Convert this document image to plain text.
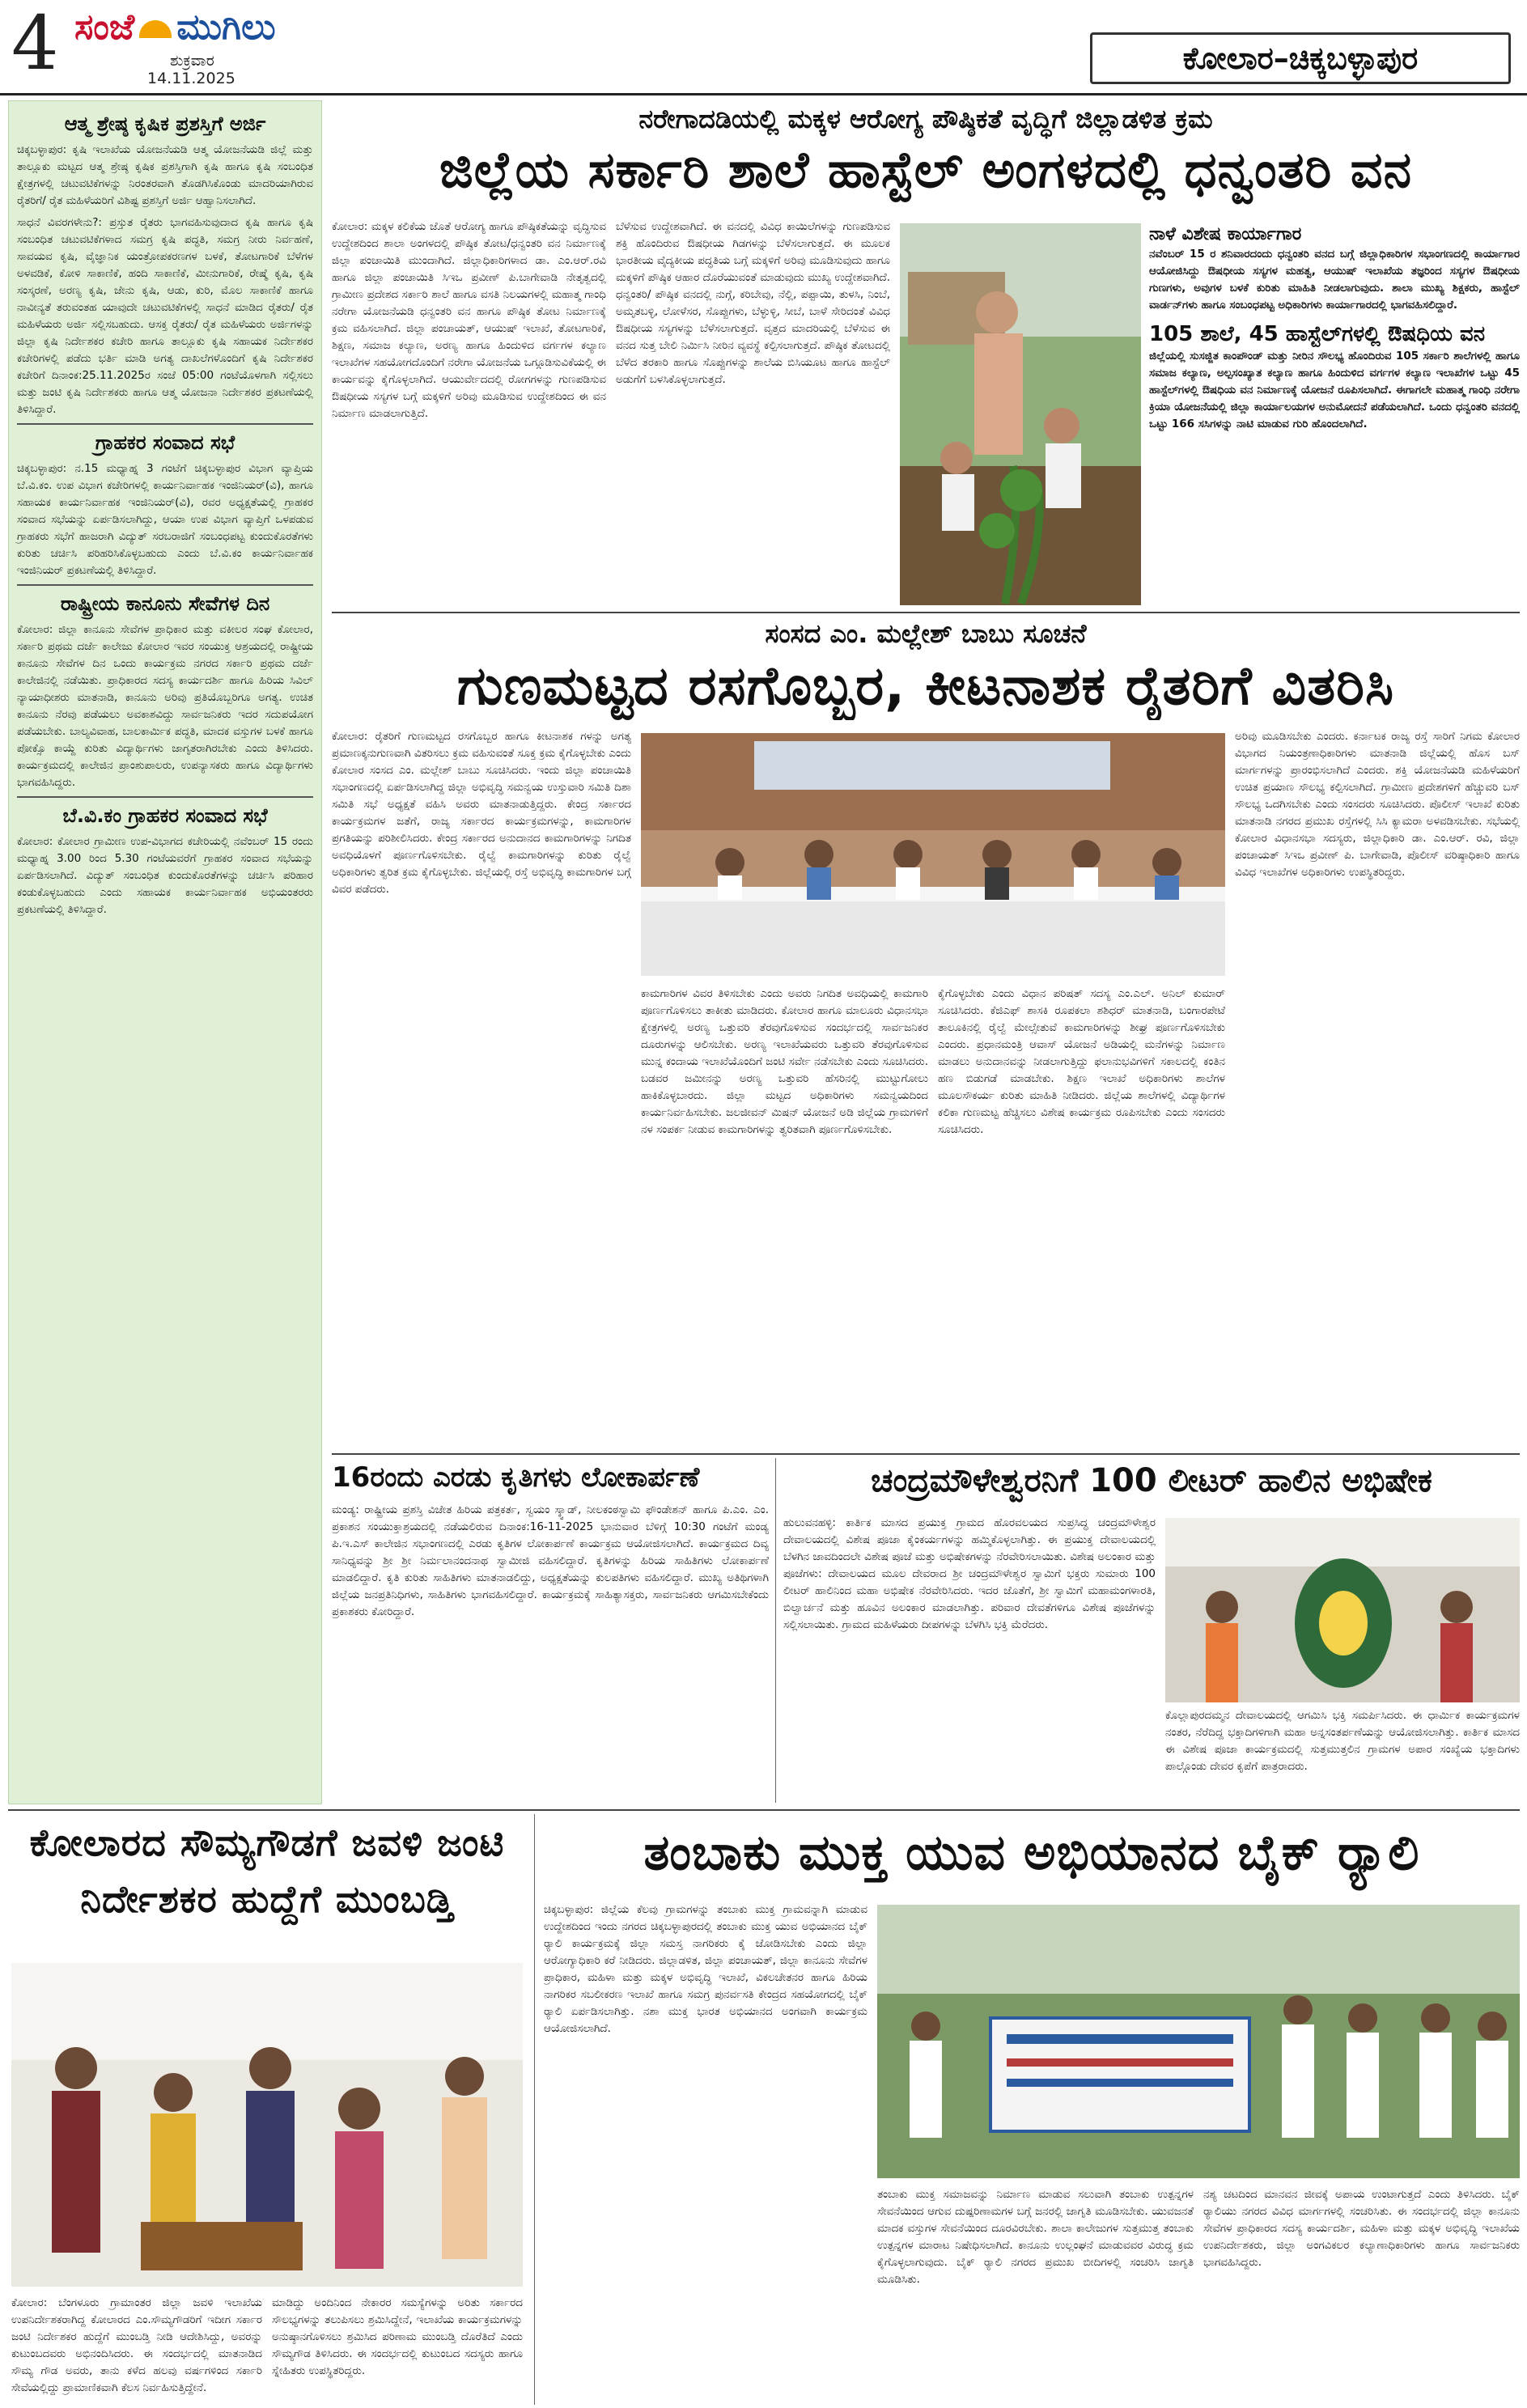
4 ಸಂಜೆ ಮುಗಿಲು
ಶುಕ್ರವಾರ
14.11.2025
ಕೋಲಾರ–ಚಿಕ್ಕಬಳ್ಳಾಪುರ
ಆತ್ಮ ಶ್ರೇಷ್ಠ ಕೃಷಿಕ ಪ್ರಶಸ್ತಿಗೆ ಅರ್ಜಿ
ಚಿಕ್ಕಬಳ್ಳಾಪುರ: ಕೃಷಿ ಇಲಾಖೆಯ ಯೋಜನೆಯಡಿ ಆತ್ಮ ಯೋಜನೆಯಡಿ ಜಿಲ್ಲೆ ಮತ್ತು ತಾಲ್ಲೂಕು ಮಟ್ಟದ ಆತ್ಮ ಶ್ರೇಷ್ಠ ಕೃಷಿಕ ಪ್ರಶಸ್ತಿಗಾಗಿ ಕೃಷಿ ಹಾಗೂ ಕೃಷಿ ಸಂಬಂಧಿತ ಕ್ಷೇತ್ರಗಳಲ್ಲಿ ಚಟುವಟಿಕೆಗಳನ್ನು ನಿರಂತರವಾಗಿ ತೊಡಗಿಸಿಕೊಂಡು ಮಾದರಿಯಾಗಿರುವ ರೈತರಿಗೆ/ ರೈತ ಮಹಿಳೆಯರಿಗೆ ವಿಶಿಷ್ಟ ಪ್ರಶಸ್ತಿಗೆ ಅರ್ಜಿ ಆಹ್ವಾನಿಸಲಾಗಿದೆ.
ಸಾಧನೆ ವಿವರಗಳೇನು?: ಪ್ರಸ್ತುತ ರೈತರು ಭಾಗವಹಿಸುವುದಾದ ಕೃಷಿ ಹಾಗೂ ಕೃಷಿ ಸಂಬಂಧಿತ ಚಟುವಟಿಕೆಗಳಾದ ಸಮಗ್ರ ಕೃಷಿ ಪದ್ಧತಿ, ಸಮಗ್ರ ನೀರು ನಿರ್ವಹಣೆ, ಸಾವಯವ ಕೃಷಿ, ವೈಜ್ಞಾನಿಕ ಯಂತ್ರೋಪಕರಣಗಳ ಬಳಕೆ, ತೋಟಗಾರಿಕೆ ಬೆಳೆಗಳ ಅಳವಡಿಕೆ, ಕೋಳಿ ಸಾಕಾಣಿಕೆ, ಹಂದಿ ಸಾಕಾಣಿಕೆ, ಮೀನುಗಾರಿಕೆ, ರೇಷ್ಮೆ ಕೃಷಿ, ಕೃಷಿ ಸಂಸ್ಕರಣೆ, ಅರಣ್ಯ ಕೃಷಿ, ಜೇನು ಕೃಷಿ, ಆಡು, ಕುರಿ, ಮೊಲ ಸಾಕಾಣಿಕೆ ಹಾಗೂ ನಾವೀನ್ಯತೆ ತರುವಂತಹ ಯಾವುದೇ ಚಟುವಟಿಕೆಗಳಲ್ಲಿ ಸಾಧನೆ ಮಾಡಿದ ರೈತರು/ ರೈತ ಮಹಿಳೆಯರು ಅರ್ಜಿ ಸಲ್ಲಿಸಬಹುದು. ಆಸಕ್ತ ರೈತರು/ ರೈತ ಮಹಿಳೆಯರು ಅರ್ಜಿಗಳನ್ನು ಜಿಲ್ಲಾ ಕೃಷಿ ನಿರ್ದೇಶಕರ ಕಚೇರಿ ಹಾಗೂ ತಾಲ್ಲೂಕು ಕೃಷಿ ಸಹಾಯಕ ನಿರ್ದೇಶಕರ ಕಚೇರಿಗಳಲ್ಲಿ ಪಡೆದು ಭರ್ತಿ ಮಾಡಿ ಅಗತ್ಯ ದಾಖಲೆಗಳೊಂದಿಗೆ ಕೃಷಿ ನಿರ್ದೇಶಕರ ಕಚೇರಿಗೆ ದಿನಾಂಕ:25.11.2025ರ ಸಂಜೆ 05:00 ಗಂಟೆಯೊಳಗಾಗಿ ಸಲ್ಲಿಸಲು ಮತ್ತು ಜಂಟಿ ಕೃಷಿ ನಿರ್ದೇಶಕರು ಹಾಗೂ ಆತ್ಮ ಯೋಜನಾ ನಿರ್ದೇಶಕರ ಪ್ರಕಟಣೆಯಲ್ಲಿ ತಿಳಿಸಿದ್ದಾರೆ.
ಗ್ರಾಹಕರ ಸಂವಾದ ಸಭೆ
ಚಿಕ್ಕಬಳ್ಳಾಪುರ: ನ.15 ಮಧ್ಯಾಹ್ನ 3 ಗಂಟೆಗೆ ಚಿಕ್ಕಬಳ್ಳಾಪುರ ವಿಭಾಗ ವ್ಯಾಪ್ತಿಯ ಬೆ.ವಿ.ಕಂ. ಉಪ ವಿಭಾಗ ಕಚೇರಿಗಳಲ್ಲಿ ಕಾರ್ಯನಿರ್ವಾಹಕ ಇಂಜಿನಿಯರ್(ವಿ), ಹಾಗೂ ಸಹಾಯಕ ಕಾರ್ಯನಿರ್ವಾಹಕ ಇಂಜಿನಿಯರ್(ವಿ), ರವರ ಅಧ್ಯಕ್ಷತೆಯಲ್ಲಿ ಗ್ರಾಹಕರ ಸಂವಾದ ಸಭೆಯನ್ನು ಏರ್ಪಡಿಸಲಾಗಿದ್ದು, ಆಯಾ ಉಪ ವಿಭಾಗ ವ್ಯಾಪ್ತಿಗೆ ಒಳಪಡುವ ಗ್ರಾಹಕರು ಸಭೆಗೆ ಹಾಜರಾಗಿ ವಿದ್ಯುತ್ ಸರಬರಾಜಿಗೆ ಸಂಬಂಧಪಟ್ಟ ಕುಂದುಕೊರತೆಗಳು ಕುರಿತು ಚರ್ಚಿಸಿ ಪರಿಹರಿಸಿಕೊಳ್ಳಬಹುದು ಎಂದು ಬೆ.ವಿ.ಕಂ ಕಾರ್ಯನಿರ್ವಾಹಕ ಇಂಜಿನಿಯರ್ ಪ್ರಕಟಣೆಯಲ್ಲಿ ತಿಳಿಸಿದ್ದಾರೆ.
ರಾಷ್ಟ್ರೀಯ ಕಾನೂನು ಸೇವೆಗಳ ದಿನ
ಕೋಲಾರ: ಜಿಲ್ಲಾ ಕಾನೂನು ಸೇವೆಗಳ ಪ್ರಾಧಿಕಾರ ಮತ್ತು ವಕೀಲರ ಸಂಘ ಕೋಲಾರ, ಸರ್ಕಾರಿ ಪ್ರಥಮ ದರ್ಜೆ ಕಾಲೇಜು ಕೋಲಾರ ಇವರ ಸಂಯುಕ್ತ ಆಶ್ರಯದಲ್ಲಿ ರಾಷ್ಟ್ರೀಯ ಕಾನೂನು ಸೇವೆಗಳ ದಿನ ಒಂದು ಕಾರ್ಯಕ್ರಮ ನಗರದ ಸರ್ಕಾರಿ ಪ್ರಥಮ ದರ್ಜೆ ಕಾಲೇಜಿನಲ್ಲಿ ನಡೆಯಿತು. ಪ್ರಾಧಿಕಾರದ ಸದಸ್ಯ ಕಾರ್ಯದರ್ಶಿ ಹಾಗೂ ಹಿರಿಯ ಸಿವಿಲ್ ನ್ಯಾಯಾಧೀಶರು ಮಾತನಾಡಿ, ಕಾನೂನು ಅರಿವು ಪ್ರತಿಯೊಬ್ಬರಿಗೂ ಅಗತ್ಯ. ಉಚಿತ ಕಾನೂನು ನೆರವು ಪಡೆಯಲು ಅವಕಾಶವಿದ್ದು ಸಾರ್ವಜನಿಕರು ಇದರ ಸದುಪಯೋಗ ಪಡೆಯಬೇಕು. ಬಾಲ್ಯವಿವಾಹ, ಬಾಲಕಾರ್ಮಿಕ ಪದ್ಧತಿ, ಮಾದಕ ವಸ್ತುಗಳ ಬಳಕೆ ಹಾಗೂ ಪೋಕ್ಸೊ ಕಾಯ್ದೆ ಕುರಿತು ವಿದ್ಯಾರ್ಥಿಗಳು ಜಾಗೃತರಾಗಿರಬೇಕು ಎಂದು ತಿಳಿಸಿದರು. ಕಾರ್ಯಕ್ರಮದಲ್ಲಿ ಕಾಲೇಜಿನ ಪ್ರಾಂಶುಪಾಲರು, ಉಪನ್ಯಾಸಕರು ಹಾಗೂ ವಿದ್ಯಾರ್ಥಿಗಳು ಭಾಗವಹಿಸಿದ್ದರು.
ಬೆ.ವಿ.ಕಂ ಗ್ರಾಹಕರ ಸಂವಾದ ಸಭೆ
ಕೋಲಾರ: ಕೋಲಾರ ಗ್ರಾಮೀಣ ಉಪ-ವಿಭಾಗದ ಕಚೇರಿಯಲ್ಲಿ ನವೆಂಬರ್ 15 ರಂದು ಮಧ್ಯಾಹ್ನ 3.00 ರಿಂದ 5.30 ಗಂಟೆಯವರೆಗೆ ಗ್ರಾಹಕರ ಸಂವಾದ ಸಭೆಯನ್ನು ಏರ್ಪಡಿಸಲಾಗಿದೆ. ವಿದ್ಯುತ್ ಸಂಬಂಧಿತ ಕುಂದುಕೊರತೆಗಳನ್ನು ಚರ್ಚಿಸಿ ಪರಿಹಾರ ಕಂಡುಕೊಳ್ಳಬಹುದು ಎಂದು ಸಹಾಯಕ ಕಾರ್ಯನಿರ್ವಾಹಕ ಅಭಿಯಂತರರು ಪ್ರಕಟಣೆಯಲ್ಲಿ ತಿಳಿಸಿದ್ದಾರೆ.
ನರೇಗಾದಡಿಯಲ್ಲಿ ಮಕ್ಕಳ ಆರೋಗ್ಯ ಪೌಷ್ಠಿಕತೆ ವೃದ್ಧಿಗೆ ಜಿಲ್ಲಾಡಳಿತ ಕ್ರಮ
ಜಿಲ್ಲೆಯ ಸರ್ಕಾರಿ ಶಾಲೆ ಹಾಸ್ಟೆಲ್ ಅಂಗಳದಲ್ಲಿ ಧನ್ವಂತರಿ ವನ
ಕೋಲಾರ: ಮಕ್ಕಳ ಕಲಿಕೆಯ ಜೊತೆ ಆರೋಗ್ಯ ಹಾಗೂ ಪೌಷ್ಠಿಕತೆಯನ್ನು ವೃದ್ಧಿಸುವ ಉದ್ದೇಶದಿಂದ ಶಾಲಾ ಅಂಗಳದಲ್ಲಿ ಪೌಷ್ಠಿಕ ತೋಟ/ಧನ್ವಂತರಿ ವನ ನಿರ್ಮಾಣಕ್ಕೆ ಜಿಲ್ಲಾ ಪಂಚಾಯಿತಿ ಮುಂದಾಗಿದೆ. ಜಿಲ್ಲಾಧಿಕಾರಿಗಳಾದ ಡಾ. ಎಂ.ಆರ್.ರವಿ ಹಾಗೂ ಜಿಲ್ಲಾ ಪಂಚಾಯಿತಿ ಸಿಇಒ ಪ್ರವೀಣ್ ಪಿ.ಬಾಗೇವಾಡಿ ನೇತೃತ್ವದಲ್ಲಿ ಗ್ರಾಮೀಣ ಪ್ರದೇಶದ ಸರ್ಕಾರಿ ಶಾಲೆ ಹಾಗೂ ವಸತಿ ನಿಲಯಗಳಲ್ಲಿ ಮಹಾತ್ಮ ಗಾಂಧಿ ನರೇಗಾ ಯೋಜನೆಯಡಿ ಧನ್ವಂತರಿ ವನ ಹಾಗೂ ಪೌಷ್ಠಿಕ ತೋಟ ನಿರ್ಮಾಣಕ್ಕೆ ಕ್ರಮ ವಹಿಸಲಾಗಿದೆ. ಜಿಲ್ಲಾ ಪಂಚಾಯತ್, ಆಯುಷ್ ಇಲಾಖೆ, ತೋಟಗಾರಿಕೆ, ಶಿಕ್ಷಣ, ಸಮಾಜ ಕಲ್ಯಾಣ, ಅರಣ್ಯ ಹಾಗೂ ಹಿಂದುಳಿದ ವರ್ಗಗಳ ಕಲ್ಯಾಣ ಇಲಾಖೆಗಳ ಸಹಯೋಗದೊಂದಿಗೆ ನರೇಗಾ ಯೋಜನೆಯ ಒಗ್ಗೂಡಿಸುವಿಕೆಯಲ್ಲಿ ಈ ಕಾರ್ಯವನ್ನು ಕೈಗೊಳ್ಳಲಾಗಿದೆ. ಆಯುರ್ವೇದದಲ್ಲಿ ರೋಗಗಳನ್ನು ಗುಣಪಡಿಸುವ ಔಷಧೀಯ ಸಸ್ಯಗಳ ಬಗ್ಗೆ ಮಕ್ಕಳಿಗೆ ಅರಿವು ಮೂಡಿಸುವ ಉದ್ದೇಶದಿಂದ ಈ ವನ ನಿರ್ಮಾಣ ಮಾಡಲಾಗುತ್ತಿದೆ.
ಬೆಳೆಸುವ ಉದ್ದೇಶವಾಗಿದೆ. ಈ ವನದಲ್ಲಿ ವಿವಿಧ ಕಾಯಿಲೆಗಳನ್ನು ಗುಣಪಡಿಸುವ ಶಕ್ತಿ ಹೊಂದಿರುವ ಔಷಧೀಯ ಗಿಡಗಳನ್ನು ಬೆಳೆಸಲಾಗುತ್ತದೆ. ಈ ಮೂಲಕ ಭಾರತೀಯ ವೈದ್ಯಕೀಯ ಪದ್ಧತಿಯ ಬಗ್ಗೆ ಮಕ್ಕಳಿಗೆ ಅರಿವು ಮೂಡಿಸುವುದು ಹಾಗೂ ಮಕ್ಕಳಿಗೆ ಪೌಷ್ಠಿಕ ಆಹಾರ ದೊರೆಯುವಂತೆ ಮಾಡುವುದು ಮುಖ್ಯ ಉದ್ದೇಶವಾಗಿದೆ. ಧನ್ವಂತರಿ/ ಪೌಷ್ಠಿಕ ವನದಲ್ಲಿ ನುಗ್ಗೆ, ಕರಿಬೇವು, ನೆಲ್ಲಿ, ಪಪ್ಪಾಯಿ, ತುಳಸಿ, ನಿಂಬೆ, ಅಮೃತಬಳ್ಳಿ, ಲೋಳೆಸರ, ಸೊಪ್ಪುಗಳು, ಬೆಳ್ಳುಳ್ಳಿ, ಸೀಬೆ, ಬಾಳೆ ಸೇರಿದಂತೆ ವಿವಿಧ ಔಷಧೀಯ ಸಸ್ಯಗಳನ್ನು ಬೆಳೆಸಲಾಗುತ್ತದೆ. ವೃತ್ತದ ಮಾದರಿಯಲ್ಲಿ ಬೆಳೆಸುವ ಈ ವನದ ಸುತ್ತ ಬೇಲಿ ನಿರ್ಮಿಸಿ ನೀರಿನ ವ್ಯವಸ್ಥೆ ಕಲ್ಪಿಸಲಾಗುತ್ತದೆ. ಪೌಷ್ಠಿಕ ತೋಟದಲ್ಲಿ ಬೆಳೆದ ತರಕಾರಿ ಹಾಗೂ ಸೊಪ್ಪುಗಳನ್ನು ಶಾಲೆಯ ಬಿಸಿಯೂಟ ಹಾಗೂ ಹಾಸ್ಟೆಲ್ ಅಡುಗೆಗೆ ಬಳಸಿಕೊಳ್ಳಲಾಗುತ್ತದೆ.
ನಾಳೆ ವಿಶೇಷ ಕಾರ್ಯಾಗಾರ
ನವೆಂಬರ್ 15 ರ ಶನಿವಾರದಂದು ಧನ್ವಂತರಿ ವನದ ಬಗ್ಗೆ ಜಿಲ್ಲಾಧಿಕಾರಿಗಳ ಸಭಾಂಗಣದಲ್ಲಿ ಕಾರ್ಯಾಗಾರ ಆಯೋಜಿಸಿದ್ದು ಔಷಧೀಯ ಸಸ್ಯಗಳ ಮಹತ್ವ, ಆಯುಷ್ ಇಲಾಖೆಯ ತಜ್ಞರಿಂದ ಸಸ್ಯಗಳ ಔಷಧೀಯ ಗುಣಗಳು, ಅವುಗಳ ಬಳಕೆ ಕುರಿತು ಮಾಹಿತಿ ನೀಡಲಾಗುವುದು. ಶಾಲಾ ಮುಖ್ಯ ಶಿಕ್ಷಕರು, ಹಾಸ್ಟೆಲ್ ವಾರ್ಡನ್‌ಗಳು ಹಾಗೂ ಸಂಬಂಧಪಟ್ಟ ಅಧಿಕಾರಿಗಳು ಕಾರ್ಯಾಗಾರದಲ್ಲಿ ಭಾಗವಹಿಸಲಿದ್ದಾರೆ.
105 ಶಾಲೆ, 45 ಹಾಸ್ಟೆಲ್‌ಗಳಲ್ಲಿ ಔಷಧಿಯ ವನ
ಜಿಲ್ಲೆಯಲ್ಲಿ ಸುಸಜ್ಜಿತ ಕಾಂಪೌಂಡ್ ಮತ್ತು ನೀರಿನ ಸೌಲಭ್ಯ ಹೊಂದಿರುವ 105 ಸರ್ಕಾರಿ ಶಾಲೆಗಳಲ್ಲಿ ಹಾಗೂ ಸಮಾಜ ಕಲ್ಯಾಣ, ಅಲ್ಪಸಂಖ್ಯಾತ ಕಲ್ಯಾಣ ಹಾಗೂ ಹಿಂದುಳಿದ ವರ್ಗಗಳ ಕಲ್ಯಾಣ ಇಲಾಖೆಗಳ ಒಟ್ಟು 45 ಹಾಸ್ಟೆಲ್‌ಗಳಲ್ಲಿ ಔಷಧಿಯ ವನ ನಿರ್ಮಾಣಕ್ಕೆ ಯೋಜನೆ ರೂಪಿಸಲಾಗಿದೆ. ಈಗಾಗಲೇ ಮಹಾತ್ಮ ಗಾಂಧಿ ನರೇಗಾ ಕ್ರಿಯಾ ಯೋಜನೆಯಲ್ಲಿ ಜಿಲ್ಲಾ ಕಾರ್ಯಾಲಯಗಳ ಅನುಮೋದನೆ ಪಡೆಯಲಾಗಿದೆ. ಒಂದು ಧನ್ವಂತರಿ ವನದಲ್ಲಿ ಒಟ್ಟು 166 ಸಸಿಗಳನ್ನು ನಾಟಿ ಮಾಡುವ ಗುರಿ ಹೊಂದಲಾಗಿದೆ.
ಸಂಸದ ಎಂ. ಮಲ್ಲೇಶ್ ಬಾಬು ಸೂಚನೆ
ಗುಣಮಟ್ಟದ ರಸಗೊಬ್ಬರ, ಕೀಟನಾಶಕ ರೈತರಿಗೆ ವಿತರಿಸಿ
ಕೋಲಾರ: ರೈತರಿಗೆ ಗುಣಮಟ್ಟದ ರಸಗೊಬ್ಬರ ಹಾಗೂ ಕೀಟನಾಶಕ ಗಳನ್ನು ಅಗತ್ಯ ಪ್ರಮಾಣಕ್ಕನುಗುಣವಾಗಿ ವಿತರಿಸಲು ಕ್ರಮ ವಹಿಸುವಂತೆ ಸೂಕ್ತ ಕ್ರಮ ಕೈಗೊಳ್ಳಬೇಕು ಎಂದು ಕೋಲಾರ ಸಂಸದ ಎಂ. ಮಲ್ಲೇಶ್ ಬಾಬು ಸೂಚಿಸಿದರು. ಇಂದು ಜಿಲ್ಲಾ ಪಂಚಾಯಿತಿ ಸಭಾಂಗಣದಲ್ಲಿ ಏರ್ಪಡಿಸಲಾಗಿದ್ದ ಜಿಲ್ಲಾ ಅಭಿವೃದ್ಧಿ ಸಮನ್ವಯ ಉಸ್ತುವಾರಿ ಸಮಿತಿ ದಿಶಾ ಸಮಿತಿ ಸಭೆ ಅಧ್ಯಕ್ಷತೆ ವಹಿಸಿ ಅವರು ಮಾತನಾಡುತ್ತಿದ್ದರು. ಕೇಂದ್ರ ಸರ್ಕಾರದ ಕಾರ್ಯಕ್ರಮಗಳ ಜತೆಗೆ, ರಾಜ್ಯ ಸರ್ಕಾರದ ಕಾರ್ಯಕ್ರಮಗಳನ್ನು, ಕಾಮಗಾರಿಗಳ ಪ್ರಗತಿಯನ್ನು ಪರಿಶೀಲಿಸಿದರು. ಕೇಂದ್ರ ಸರ್ಕಾರದ ಅನುದಾನದ ಕಾಮಗಾರಿಗಳನ್ನು ನಿಗದಿತ ಅವಧಿಯೊಳಗೆ ಪೂರ್ಣಗೊಳಿಸಬೇಕು. ರೈಲ್ವೆ ಕಾಮಗಾರಿಗಳನ್ನು ಕುರಿತು ರೈಲ್ವೆ ಅಧಿಕಾರಿಗಳು ತ್ವರಿತ ಕ್ರಮ ಕೈಗೊಳ್ಳಬೇಕು. ಜಿಲ್ಲೆಯಲ್ಲಿ ರಸ್ತೆ ಅಭಿವೃದ್ಧಿ ಕಾಮಗಾರಿಗಳ ಬಗ್ಗೆ ವಿವರ ಪಡೆದರು.
ಕಾಮಗಾರಿಗಳ ವಿವರ ತಿಳಿಸಬೇಕು ಎಂದು ಅವರು ನಿಗದಿತ ಅವಧಿಯಲ್ಲಿ ಕಾಮಗಾರಿ ಪೂರ್ಣಗೊಳಿಸಲು ತಾಕೀತು ಮಾಡಿದರು. ಕೋಲಾರ ಹಾಗೂ ಮಾಲೂರು ವಿಧಾನಸಭಾ ಕ್ಷೇತ್ರಗಳಲ್ಲಿ ಅರಣ್ಯ ಒತ್ತುವರಿ ತೆರವುಗೊಳಿಸುವ ಸಂದರ್ಭದಲ್ಲಿ ಸಾರ್ವಜನಿಕರ ದೂರುಗಳನ್ನು ಆಲಿಸಬೇಕು. ಅರಣ್ಯ ಇಲಾಖೆಯವರು ಒತ್ತುವರಿ ತೆರವುಗೊಳಿಸುವ ಮುನ್ನ ಕಂದಾಯ ಇಲಾಖೆಯೊಂದಿಗೆ ಜಂಟಿ ಸರ್ವೇ ನಡೆಸಬೇಕು ಎಂದು ಸೂಚಿಸಿದರು. ಬಡವರ ಜಮೀನನ್ನು ಅರಣ್ಯ ಒತ್ತುವರಿ ಹೆಸರಿನಲ್ಲಿ ಮುಟ್ಟುಗೋಲು ಹಾಕಿಕೊಳ್ಳಬಾರದು. ಜಿಲ್ಲಾ ಮಟ್ಟದ ಅಧಿಕಾರಿಗಳು ಸಮನ್ವಯದಿಂದ ಕಾರ್ಯನಿರ್ವಹಿಸಬೇಕು. ಜಲಜೀವನ್ ಮಿಷನ್ ಯೋಜನೆ ಅಡಿ ಜಿಲ್ಲೆಯ ಗ್ರಾಮಗಳಿಗೆ ನಳ ಸಂಪರ್ಕ ನೀಡುವ ಕಾಮಗಾರಿಗಳನ್ನು ತ್ವರಿತವಾಗಿ ಪೂರ್ಣಗೊಳಿಸಬೇಕು.
ಕೈಗೊಳ್ಳಬೇಕು ಎಂದು ವಿಧಾನ ಪರಿಷತ್ ಸದಸ್ಯ ಎಂ.ಎಲ್. ಅನಿಲ್ ಕುಮಾರ್ ಸೂಚಿಸಿದರು. ಕೆಜಿಎಫ್ ಶಾಸಕಿ ರೂಪಕಲಾ ಶಶಿಧರ್ ಮಾತನಾಡಿ, ಬಂಗಾರಪೇಟೆ ತಾಲೂಕಿನಲ್ಲಿ ರೈಲ್ವೆ ಮೇಲ್ಸೇತುವೆ ಕಾಮಗಾರಿಗಳನ್ನು ಶೀಘ್ರ ಪೂರ್ಣಗೊಳಿಸಬೇಕು ಎಂದರು. ಪ್ರಧಾನಮಂತ್ರಿ ಆವಾಸ್ ಯೋಜನೆ ಅಡಿಯಲ್ಲಿ ಮನೆಗಳನ್ನು ನಿರ್ಮಾಣ ಮಾಡಲು ಅನುದಾನವನ್ನು ನೀಡಲಾಗುತ್ತಿದ್ದು ಫಲಾನುಭವಿಗಳಿಗೆ ಸಕಾಲದಲ್ಲಿ ಕಂತಿನ ಹಣ ಬಿಡುಗಡೆ ಮಾಡಬೇಕು. ಶಿಕ್ಷಣ ಇಲಾಖೆ ಅಧಿಕಾರಿಗಳು ಶಾಲೆಗಳ ಮೂಲಸೌಕರ್ಯ ಕುರಿತು ಮಾಹಿತಿ ನೀಡಿದರು. ಜಿಲ್ಲೆಯ ಶಾಲೆಗಳಲ್ಲಿ ವಿದ್ಯಾರ್ಥಿಗಳ ಕಲಿಕಾ ಗುಣಮಟ್ಟ ಹೆಚ್ಚಿಸಲು ವಿಶೇಷ ಕಾರ್ಯಕ್ರಮ ರೂಪಿಸಬೇಕು ಎಂದು ಸಂಸದರು ಸೂಚಿಸಿದರು.
ಅರಿವು ಮೂಡಿಸಬೇಕು ಎಂದರು. ಕರ್ನಾಟಕ ರಾಜ್ಯ ರಸ್ತೆ ಸಾರಿಗೆ ನಿಗಮ ಕೋಲಾರ ವಿಭಾಗದ ನಿಯಂತ್ರಣಾಧಿಕಾರಿಗಳು ಮಾತನಾಡಿ ಜಿಲ್ಲೆಯಲ್ಲಿ ಹೊಸ ಬಸ್ ಮಾರ್ಗಗಳನ್ನು ಪ್ರಾರಂಭಿಸಲಾಗಿದೆ ಎಂದರು. ಶಕ್ತಿ ಯೋಜನೆಯಡಿ ಮಹಿಳೆಯರಿಗೆ ಉಚಿತ ಪ್ರಯಾಣ ಸೌಲಭ್ಯ ಕಲ್ಪಿಸಲಾಗಿದೆ. ಗ್ರಾಮೀಣ ಪ್ರದೇಶಗಳಿಗೆ ಹೆಚ್ಚುವರಿ ಬಸ್ ಸೌಲಭ್ಯ ಒದಗಿಸಬೇಕು ಎಂದು ಸಂಸದರು ಸೂಚಿಸಿದರು. ಪೊಲೀಸ್ ಇಲಾಖೆ ಕುರಿತು ಮಾತನಾಡಿ ನಗರದ ಪ್ರಮುಖ ರಸ್ತೆಗಳಲ್ಲಿ ಸಿಸಿ ಕ್ಯಾಮರಾ ಅಳವಡಿಸಬೇಕು. ಸಭೆಯಲ್ಲಿ ಕೋಲಾರ ವಿಧಾನಸಭಾ ಸದಸ್ಯರು, ಜಿಲ್ಲಾಧಿಕಾರಿ ಡಾ. ಎಂ.ಆರ್. ರವಿ, ಜಿಲ್ಲಾ ಪಂಚಾಯತ್ ಸಿಇಒ ಪ್ರವೀಣ್ ಪಿ. ಬಾಗೇವಾಡಿ, ಪೊಲೀಸ್ ವರಿಷ್ಠಾಧಿಕಾರಿ ಹಾಗೂ ವಿವಿಧ ಇಲಾಖೆಗಳ ಅಧಿಕಾರಿಗಳು ಉಪಸ್ಥಿತರಿದ್ದರು.
16ರಂದು ಎರಡು ಕೃತಿಗಳು ಲೋಕಾರ್ಪಣೆ
ಮಂಡ್ಯ: ರಾಷ್ಟ್ರೀಯ ಪ್ರಶಸ್ತಿ ವಿಜೇತ ಹಿರಿಯ ಪತ್ರಕರ್ತ, ಸ್ವಯಂ ಸ್ಕ್ವಾಡ್, ನೀಲಕಂಠಸ್ವಾಮಿ ಫೌಂಡೇಶನ್ ಹಾಗೂ ಪಿ.ಎಂ. ಎಂ. ಪ್ರಕಾಶನ ಸಂಯುಕ್ತಾಶ್ರಯದಲ್ಲಿ ನಡೆಯಲಿರುವ ದಿನಾಂಕ:16-11-2025 ಭಾನುವಾರ ಬೆಳಿಗ್ಗೆ 10:30 ಗಂಟೆಗೆ ಮಂಡ್ಯ ಪಿ.ಇ.ಎಸ್ ಕಾಲೇಜಿನ ಸಭಾಂಗಣದಲ್ಲಿ ಎರಡು ಕೃತಿಗಳ ಲೋಕಾರ್ಪಣೆ ಕಾರ್ಯಕ್ರಮ ಆಯೋಜಿಸಲಾಗಿದೆ. ಕಾರ್ಯಕ್ರಮದ ದಿವ್ಯ ಸಾನಿಧ್ಯವನ್ನು ಶ್ರೀ ಶ್ರೀ ನಿರ್ಮಲಾನಂದನಾಥ ಸ್ವಾಮೀಜಿ ವಹಿಸಲಿದ್ದಾರೆ. ಕೃತಿಗಳನ್ನು ಹಿರಿಯ ಸಾಹಿತಿಗಳು ಲೋಕಾರ್ಪಣೆ ಮಾಡಲಿದ್ದಾರೆ. ಕೃತಿ ಕುರಿತು ಸಾಹಿತಿಗಳು ಮಾತನಾಡಲಿದ್ದು, ಅಧ್ಯಕ್ಷತೆಯನ್ನು ಕುಲಪತಿಗಳು ವಹಿಸಲಿದ್ದಾರೆ. ಮುಖ್ಯ ಅತಿಥಿಗಳಾಗಿ ಜಿಲ್ಲೆಯ ಜನಪ್ರತಿನಿಧಿಗಳು, ಸಾಹಿತಿಗಳು ಭಾಗವಹಿಸಲಿದ್ದಾರೆ. ಕಾರ್ಯಕ್ರಮಕ್ಕೆ ಸಾಹಿತ್ಯಾಸಕ್ತರು, ಸಾರ್ವಜನಿಕರು ಆಗಮಿಸಬೇಕೆಂದು ಪ್ರಕಾಶಕರು ಕೋರಿದ್ದಾರೆ.
ಚಂದ್ರಮೌಳೇಶ್ವರನಿಗೆ 100 ಲೀಟರ್ ಹಾಲಿನ ಅಭಿಷೇಕ
ಹುಲುವನಹಳ್ಳಿ: ಕಾರ್ತಿಕ ಮಾಸದ ಪ್ರಯುಕ್ತ ಗ್ರಾಮದ ಹೊರವಲಯದ ಸುಪ್ರಸಿದ್ಧ ಚಂದ್ರಮೌಳೇಶ್ವರ ದೇವಾಲಯದಲ್ಲಿ ವಿಶೇಷ ಪೂಜಾ ಕೈಂಕರ್ಯಗಳನ್ನು ಹಮ್ಮಿಕೊಳ್ಳಲಾಗಿತ್ತು. ಈ ಪ್ರಯುಕ್ತ ದೇವಾಲಯದಲ್ಲಿ ಬೆಳಗಿನ ಜಾವದಿಂದಲೇ ವಿಶೇಷ ಪೂಜೆ ಮತ್ತು ಅಭಿಷೇಕಗಳನ್ನು ನೆರವೇರಿಸಲಾಯಿತು. ವಿಶೇಷ ಅಲಂಕಾರ ಮತ್ತು ಪೂಜೆಗಳು: ದೇವಾಲಯದ ಮೂಲ ದೇವರಾದ ಶ್ರೀ ಚಂದ್ರಮೌಳೇಶ್ವರ ಸ್ವಾಮಿಗೆ ಭಕ್ತರು ಸುಮಾರು 100 ಲೀಟರ್ ಹಾಲಿನಿಂದ ಮಹಾ ಅಭಿಷೇಕ ನೆರವೇರಿಸಿದರು. ಇದರ ಜೊತೆಗೆ, ಶ್ರೀ ಸ್ವಾಮಿಗೆ ಮಹಾಮಂಗಳಾರತಿ, ಬಿಲ್ವಾರ್ಚನೆ ಮತ್ತು ಹೂವಿನ ಅಲಂಕಾರ ಮಾಡಲಾಗಿತ್ತು. ಪರಿವಾರ ದೇವತೆಗಳಿಗೂ ವಿಶೇಷ ಪೂಜೆಗಳನ್ನು ಸಲ್ಲಿಸಲಾಯಿತು. ಗ್ರಾಮದ ಮಹಿಳೆಯರು ದೀಪಗಳನ್ನು ಬೆಳಗಿಸಿ ಭಕ್ತಿ ಮೆರೆದರು.
ಕೊಲ್ಲಾಪುರದಮ್ಮನ ದೇವಾಲಯದಲ್ಲಿ ಆಗಮಿಸಿ ಭಕ್ತಿ ಸಮರ್ಪಿಸಿದರು. ಈ ಧಾರ್ಮಿಕ ಕಾರ್ಯಕ್ರಮಗಳ ನಂತರ, ನೆರೆದಿದ್ದ ಭಕ್ತಾದಿಗಳಿಗಾಗಿ ಮಹಾ ಅನ್ನಸಂತರ್ಪಣೆಯನ್ನು ಆಯೋಜಿಸಲಾಗಿತ್ತು. ಕಾರ್ತಿಕ ಮಾಸದ ಈ ವಿಶೇಷ ಪೂಜಾ ಕಾರ್ಯಕ್ರಮದಲ್ಲಿ ಸುತ್ತಮುತ್ತಲಿನ ಗ್ರಾಮಗಳ ಅಪಾರ ಸಂಖ್ಯೆಯ ಭಕ್ತಾದಿಗಳು ಪಾಲ್ಗೊಂಡು ದೇವರ ಕೃಪೆಗೆ ಪಾತ್ರರಾದರು.
ಕೋಲಾರದ ಸೌಮ್ಯಗೌಡಗೆ ಜವಳಿ ಜಂಟಿ ನಿರ್ದೇಶಕರ ಹುದ್ದೆಗೆ ಮುಂಬಡ್ತಿ
ಕೋಲಾರ: ಬೆಂಗಳೂರು ಗ್ರಾಮಾಂತರ ಜಿಲ್ಲಾ ಜವಳಿ ಇಲಾಖೆಯ ಉಪನಿರ್ದೇಶಕರಾಗಿದ್ದ ಕೋಲಾರದ ಎಂ.ಸೌಮ್ಯಗೌಡರಿಗೆ ಇದೀಗ ಸರ್ಕಾರ ಜಂಟಿ ನಿರ್ದೇಶಕರ ಹುದ್ದೆಗೆ ಮುಂಬಡ್ತಿ ನೀಡಿ ಆದೇಶಿಸಿದ್ದು, ಅವರನ್ನು ಕುಟುಂಬದವರು ಅಭಿನಂದಿಸಿದರು. ಈ ಸಂದರ್ಭದಲ್ಲಿ ಮಾತನಾಡಿದ ಸೌಮ್ಯ ಗೌಡ ಅವರು, ತಾನು ಕಳೆದ ಹಲವು ವರ್ಷಗಳಿಂದ ಸರ್ಕಾರಿ ಸೇವೆಯಲ್ಲಿದ್ದು ಪ್ರಾಮಾಣಿಕವಾಗಿ ಕೆಲಸ ನಿರ್ವಹಿಸುತ್ತಿದ್ದೇನೆ.
ಮಾಡಿದ್ದು ಅಂದಿನಿಂದ ನೇಕಾರರ ಸಮಸ್ಯೆಗಳನ್ನು ಅರಿತು ಸರ್ಕಾರದ ಸೌಲಭ್ಯಗಳನ್ನು ತಲುಪಿಸಲು ಶ್ರಮಿಸಿದ್ದೇನೆ, ಇಲಾಖೆಯ ಕಾರ್ಯಕ್ರಮಗಳನ್ನು ಅನುಷ್ಠಾನಗೊಳಿಸಲು ಶ್ರಮಿಸಿದ ಪರಿಣಾಮ ಮುಂಬಡ್ತಿ ದೊರೆತಿದೆ ಎಂದು ಸೌಮ್ಯಗೌಡ ತಿಳಿಸಿದರು. ಈ ಸಂದರ್ಭದಲ್ಲಿ ಕುಟುಂಬದ ಸದಸ್ಯರು ಹಾಗೂ ಸ್ನೇಹಿತರು ಉಪಸ್ಥಿತರಿದ್ದರು.
ತಂಬಾಕು ಮುಕ್ತ ಯುವ ಅಭಿಯಾನದ ಬೈಕ್ ರ‍್ಯಾಲಿ
ಚಿಕ್ಕಬಳ್ಳಾಪುರ: ಜಿಲ್ಲೆಯ ಕೆಲವು ಗ್ರಾಮಗಳನ್ನು ತಂಬಾಕು ಮುಕ್ತ ಗ್ರಾಮವನ್ನಾಗಿ ಮಾಡುವ ಉದ್ದೇಶದಿಂದ ಇಂದು ನಗರದ ಚಿಕ್ಕಬಳ್ಳಾಪುರದಲ್ಲಿ ತಂಬಾಕು ಮುಕ್ತ ಯುವ ಅಭಿಯಾನದ ಬೈಕ್ ರ‍್ಯಾಲಿ ಕಾರ್ಯಕ್ರಮಕ್ಕೆ ಜಿಲ್ಲಾ ಸಮಸ್ತ ನಾಗರಿಕರು ಕೈ ಜೋಡಿಸಬೇಕು ಎಂದು ಜಿಲ್ಲಾ ಆರೋಗ್ಯಾಧಿಕಾರಿ ಕರೆ ನೀಡಿದರು. ಜಿಲ್ಲಾಡಳಿತ, ಜಿಲ್ಲಾ ಪಂಚಾಯತ್, ಜಿಲ್ಲಾ ಕಾನೂನು ಸೇವೆಗಳ ಪ್ರಾಧಿಕಾರ, ಮಹಿಳಾ ಮತ್ತು ಮಕ್ಕಳ ಅಭಿವೃದ್ಧಿ ಇಲಾಖೆ, ವಿಕಲಚೇತನರ ಹಾಗೂ ಹಿರಿಯ ನಾಗರಿಕರ ಸಬಲೀಕರಣ ಇಲಾಖೆ ಹಾಗೂ ಸಮಗ್ರ ಪುನರ್ವಸತಿ ಕೇಂದ್ರದ ಸಹಯೋಗದಲ್ಲಿ ಬೈಕ್ ರ‍್ಯಾಲಿ ಏರ್ಪಡಿಸಲಾಗಿತ್ತು. ನಶಾ ಮುಕ್ತ ಭಾರತ ಅಭಿಯಾನದ ಅಂಗವಾಗಿ ಕಾರ್ಯಕ್ರಮ ಆಯೋಜಿಸಲಾಗಿದೆ.
ತಂಬಾಕು ಮುಕ್ತ ಸಮಾಜವನ್ನು ನಿರ್ಮಾಣ ಮಾಡುವ ಸಲುವಾಗಿ ತಂಬಾಕು ಉತ್ಪನ್ನಗಳ ಸೇವನೆಯಿಂದ ಆಗುವ ದುಷ್ಪರಿಣಾಮಗಳ ಬಗ್ಗೆ ಜನರಲ್ಲಿ ಜಾಗೃತಿ ಮೂಡಿಸಬೇಕು. ಯುವಜನತೆ ಮಾದಕ ವಸ್ತುಗಳ ಸೇವನೆಯಿಂದ ದೂರವಿರಬೇಕು. ಶಾಲಾ ಕಾಲೇಜುಗಳ ಸುತ್ತಮುತ್ತ ತಂಬಾಕು ಉತ್ಪನ್ನಗಳ ಮಾರಾಟ ನಿಷೇಧಿಸಲಾಗಿದೆ. ಕಾನೂನು ಉಲ್ಲಂಘನೆ ಮಾಡುವವರ ವಿರುದ್ಧ ಕ್ರಮ ಕೈಗೊಳ್ಳಲಾಗುವುದು. ಬೈಕ್ ರ‍್ಯಾಲಿ ನಗರದ ಪ್ರಮುಖ ಬೀದಿಗಳಲ್ಲಿ ಸಂಚರಿಸಿ ಜಾಗೃತಿ ಮೂಡಿಸಿತು.
ನಶ್ಯ ಚಟದಿಂದ ಮಾನವನ ಜೀವಕ್ಕೆ ಅಪಾಯ ಉಂಟಾಗುತ್ತದೆ ಎಂದು ತಿಳಿಸಿದರು. ಬೈಕ್ ರ‍್ಯಾಲಿಯು ನಗರದ ವಿವಿಧ ಮಾರ್ಗಗಳಲ್ಲಿ ಸಂಚರಿಸಿತು. ಈ ಸಂದರ್ಭದಲ್ಲಿ ಜಿಲ್ಲಾ ಕಾನೂನು ಸೇವೆಗಳ ಪ್ರಾಧಿಕಾರದ ಸದಸ್ಯ ಕಾರ್ಯದರ್ಶಿ, ಮಹಿಳಾ ಮತ್ತು ಮಕ್ಕಳ ಅಭಿವೃದ್ಧಿ ಇಲಾಖೆಯ ಉಪನಿರ್ದೇಶಕರು, ಜಿಲ್ಲಾ ಅಂಗವಿಕಲರ ಕಲ್ಯಾಣಾಧಿಕಾರಿಗಳು ಹಾಗೂ ಸಾರ್ವಜನಿಕರು ಭಾಗವಹಿಸಿದ್ದರು.
